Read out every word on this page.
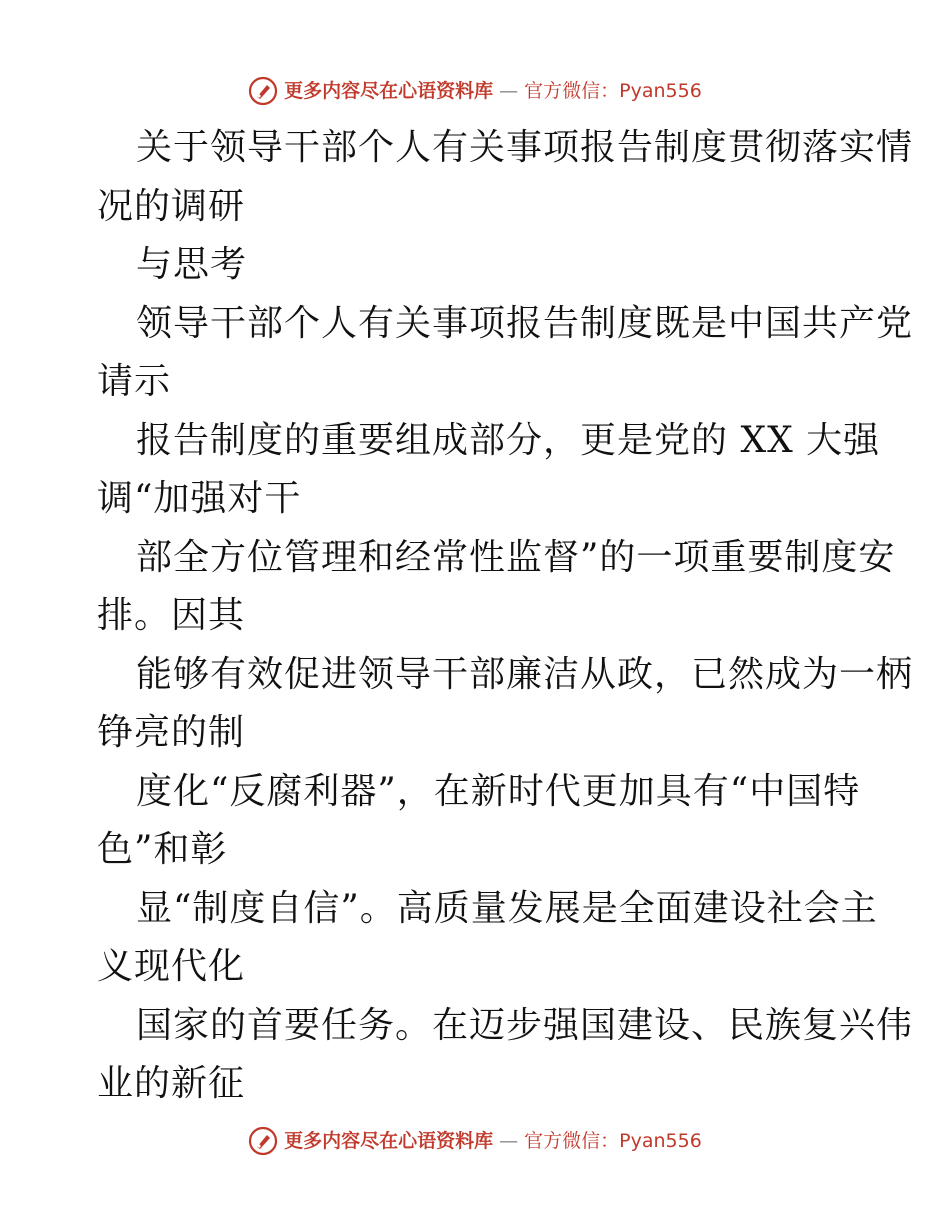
更多内容尽在心语资料库 — 官方微信：Pyan556
关于领导干部个人有关事项报告制度贯彻落实情
况的调研
与思考
领导干部个人有关事项报告制度既是中国共产党
请示
报告制度的重要组成部分，更是党的 XX 大强
调“加强对干
部全方位管理和经常性监督”的一项重要制度安
排。因其
能够有效促进领导干部廉洁从政，已然成为一柄
铮亮的制
度化“反腐利器”，在新时代更加具有“中国特
色”和彰
显“制度自信”。高质量发展是全面建设社会主
义现代化
国家的首要任务。在迈步强国建设、民族复兴伟
业的新征
更多内容尽在心语资料库 — 官方微信：Pyan556
